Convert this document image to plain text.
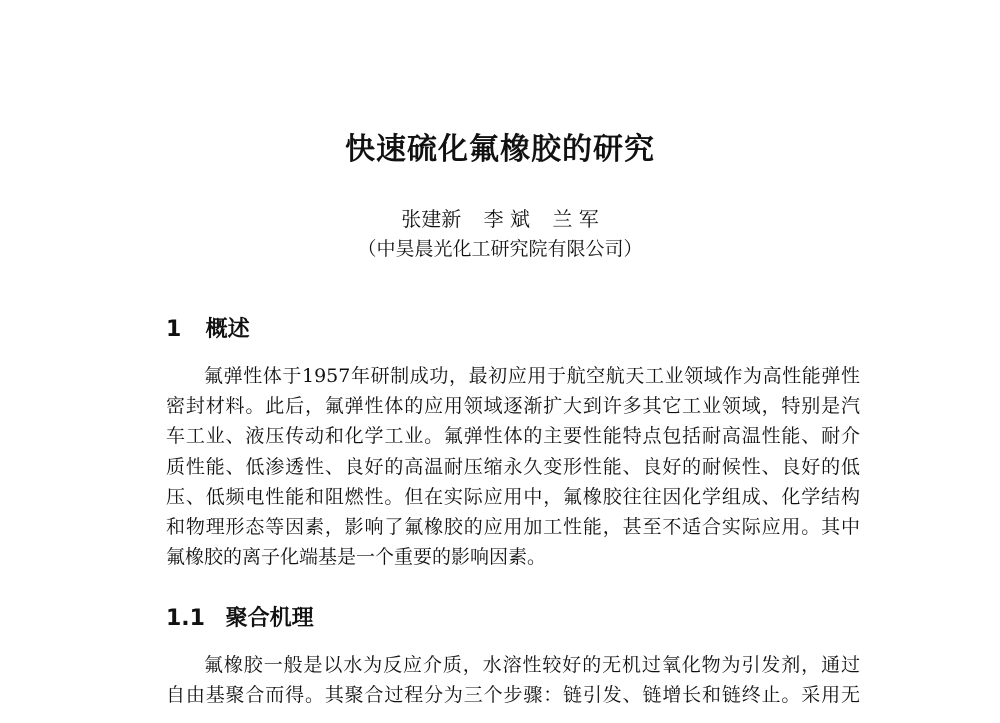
快速硫化氟橡胶的研究
张建新 李 斌 兰 军
（中昊晨光化工研究院有限公司）
1 概述
氟弹性体于1957年研制成功，最初应用于航空航天工业领域作为高性能弹性
密封材料。此后，氟弹性体的应用领域逐渐扩大到许多其它工业领域，特别是汽
车工业、液压传动和化学工业。氟弹性体的主要性能特点包括耐高温性能、耐介
质性能、低渗透性、良好的高温耐压缩永久变形性能、良好的耐候性、良好的低
压、低频电性能和阻燃性。但在实际应用中，氟橡胶往往因化学组成、化学结构
和物理形态等因素，影响了氟橡胶的应用加工性能，甚至不适合实际应用。其中
氟橡胶的离子化端基是一个重要的影响因素。
1.1 聚合机理
氟橡胶一般是以水为反应介质，水溶性较好的无机过氧化物为引发剂，通过
自由基聚合而得。其聚合过程分为三个步骤：链引发、链增长和链终止。采用无
